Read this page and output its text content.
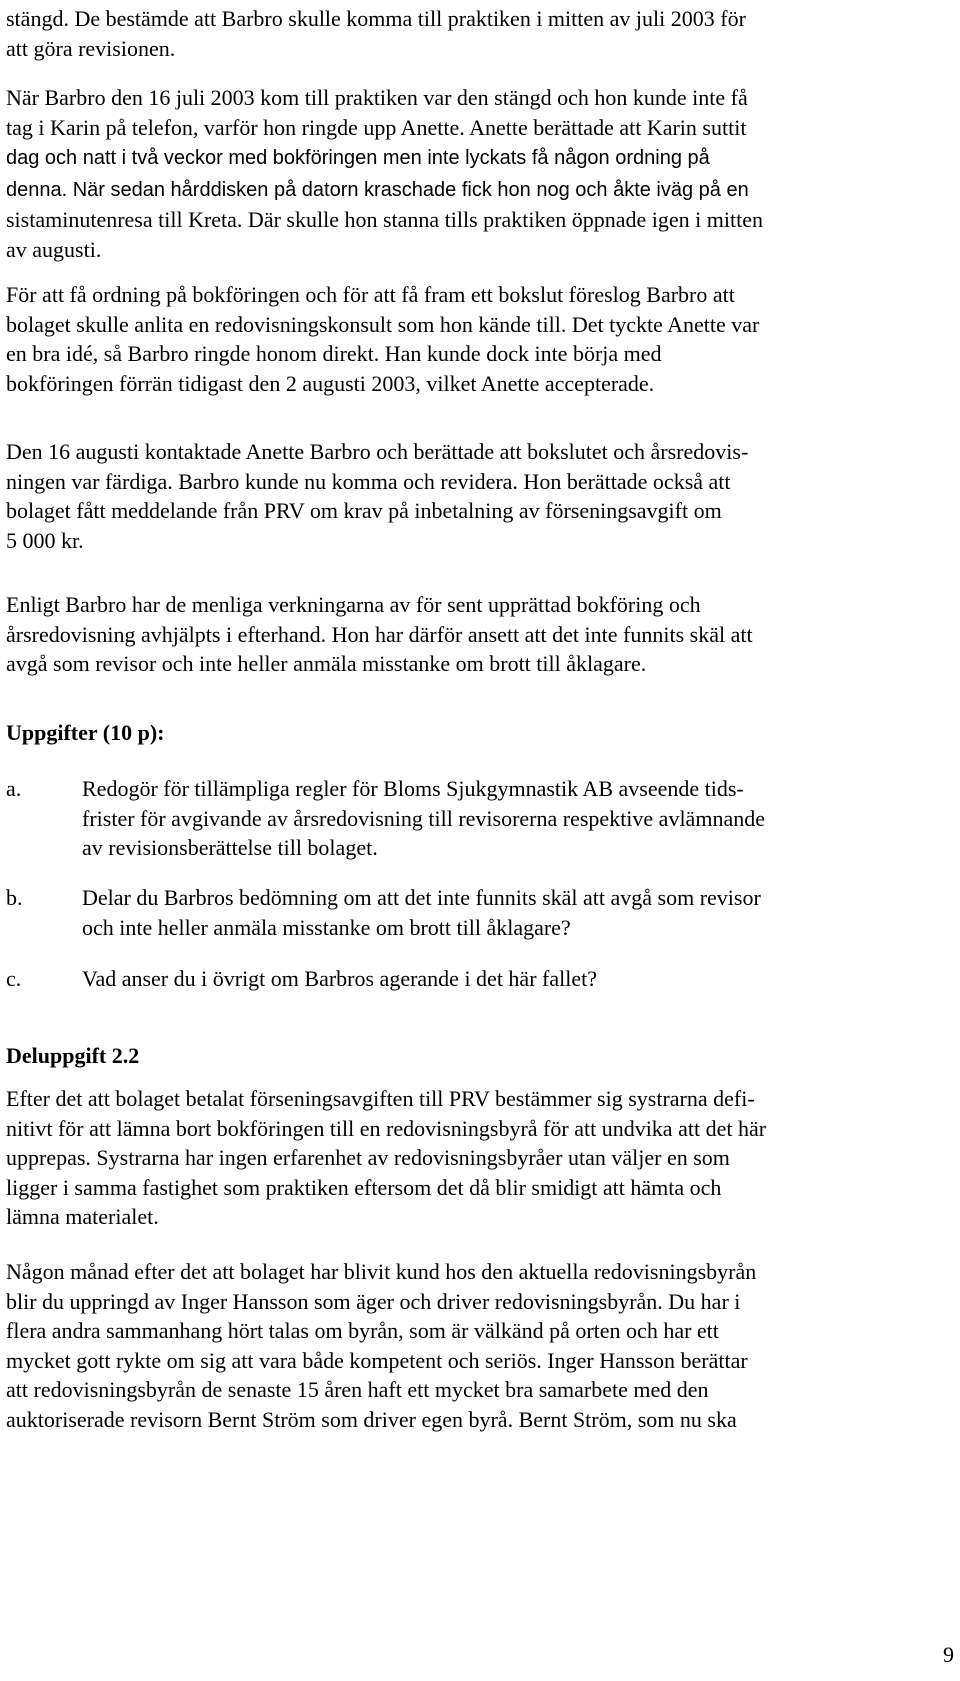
stängd. De bestämde att Barbro skulle komma till praktiken i mitten av juli 2003 för
att göra revisionen.
När Barbro den 16 juli 2003 kom till praktiken var den stängd och hon kunde inte få
tag i Karin på telefon, varför hon ringde upp Anette. Anette berättade att Karin suttit
dag och natt i två veckor med bokföringen men inte lyckats få någon ordning på
denna. När sedan hårddisken på datorn kraschade fick hon nog och åkte iväg på en
sistaminutenresa till Kreta. Där skulle hon stanna tills praktiken öppnade igen i mitten
av augusti.
För att få ordning på bokföringen och för att få fram ett bokslut föreslog Barbro att
bolaget skulle anlita en redovisningskonsult som hon kände till. Det tyckte Anette var
en bra idé, så Barbro ringde honom direkt. Han kunde dock inte börja med
bokföringen förrän tidigast den 2 augusti 2003, vilket Anette accepterade.
Den 16 augusti kontaktade Anette Barbro och berättade att bokslutet och årsredovis-
ningen var färdiga. Barbro kunde nu komma och revidera. Hon berättade också att
bolaget fått meddelande från PRV om krav på inbetalning av förseningsavgift om
5 000 kr.
Enligt Barbro har de menliga verkningarna av för sent upprättad bokföring och
årsredovisning avhjälpts i efterhand. Hon har därför ansett att det inte funnits skäl att
avgå som revisor och inte heller anmäla misstanke om brott till åklagare.
Uppgifter (10 p):
a.	Redogör för tillämpliga regler för Bloms Sjukgymnastik AB avseende tids-
frister för avgivande av årsredovisning till revisorerna respektive avlämnande
av revisionsberättelse till bolaget.
b.	Delar du Barbros bedömning om att det inte funnits skäl att avgå som revisor
och inte heller anmäla misstanke om brott till åklagare?
c.	Vad anser du i övrigt om Barbros agerande i det här fallet?
Deluppgift 2.2
Efter det att bolaget betalat förseningsavgiften till PRV bestämmer sig systrarna defi-
nitivt för att lämna bort bokföringen till en redovisningsbyrå för att undvika att det här
upprepas. Systrarna har ingen erfarenhet av redovisningsbyråer utan väljer en som
ligger i samma fastighet som praktiken eftersom det då blir smidigt att hämta och
lämna materialet.
Någon månad efter det att bolaget har blivit kund hos den aktuella redovisningsbyrån
blir du uppringd av Inger Hansson som äger och driver redovisningsbyrån. Du har i
flera andra sammanhang hört talas om byrån, som är välkänd på orten och har ett
mycket gott rykte om sig att vara både kompetent och seriös. Inger Hansson berättar
att redovisningsbyrån de senaste 15 åren haft ett mycket bra samarbete med den
auktoriserade revisorn Bernt Ström som driver egen byrå. Bernt Ström, som nu ska
9
